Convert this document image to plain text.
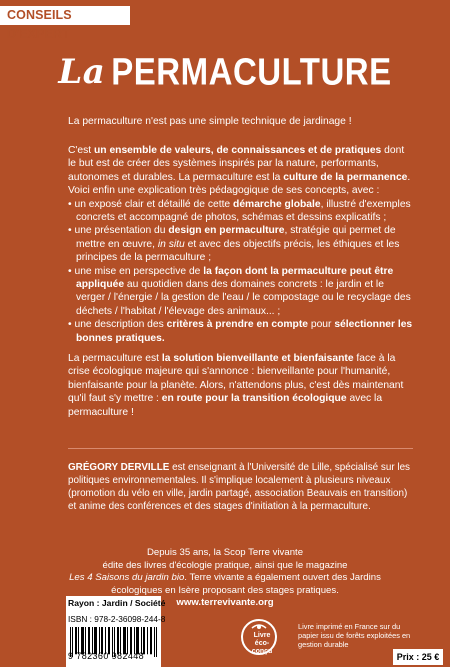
CONSEILS D'EXPERT
La PERMACULTURE
La permaculture n'est pas une simple technique de jardinage !
C'est un ensemble de valeurs, de connaissances et de pratiques dont le but est de créer des systèmes inspirés par la nature, performants, autonomes et durables. La permaculture est la culture de la permanence. Voici enfin une explication très pédagogique de ses concepts, avec :
• un exposé clair et détaillé de cette démarche globale, illustré d'exemples concrets et accompagné de photos, schémas et dessins explicatifs ;
• une présentation du design en permaculture, stratégie qui permet de mettre en œuvre, in situ et avec des objectifs précis, les éthiques et les principes de la permaculture ;
• une mise en perspective de la façon dont la permaculture peut être appliquée au quotidien dans des domaines concrets : le jardin et le verger / l'énergie / la gestion de l'eau / le compostage ou le recyclage des déchets / l'habitat / l'élevage des animaux... ;
• une description des critères à prendre en compte pour sélectionner les bonnes pratiques.
La permaculture est la solution bienveillante et bienfaisante face à la crise écologique majeure qui s'annonce : bienveillante pour l'humanité, bienfaisante pour la planète. Alors, n'attendons plus, c'est dès maintenant qu'il faut s'y mettre : en route pour la transition écologique avec la permaculture !
GRÉGORY DERVILLE est enseignant à l'Université de Lille, spécialisé sur les politiques environnementales. Il s'implique localement à plusieurs niveaux (promotion du vélo en ville, jardin partagé, association Beauvais en transition) et anime des conférences et des stages d'initiation à la permaculture.
Depuis 35 ans, la Scop Terre vivante
édite des livres d'écologie pratique, ainsi que le magazine
Les 4 Saisons du jardin bio. Terre vivante a également ouvert des Jardins
écologiques en Isère proposant des stages pratiques.
www.terrevivante.org
Rayon : Jardin / Société
ISBN : 978-2-36098-244-8
9 782360 982448
Livre éco-conçu
Livre imprimé en France sur du papier issu de forêts exploitées en gestion durable
Prix : 25 €
